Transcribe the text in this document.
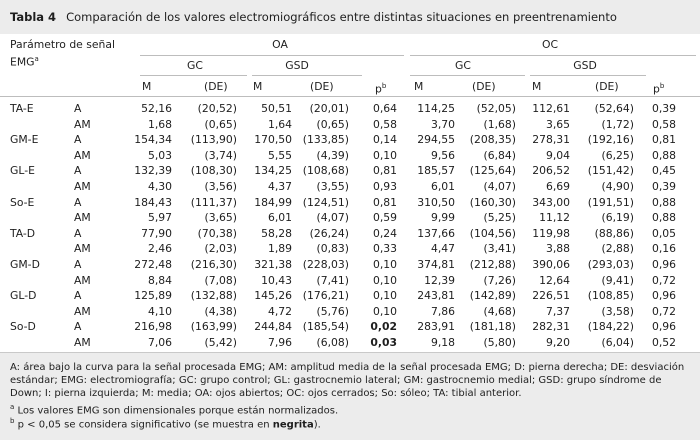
Tabla 4 Comparación de los valores electromiográficos entre distintas situaciones en preentrenamiento
Parámetro de señal
EMG$^a$
OA	OC
GC	GSD	GC	GSD
M	(DE) M	(DE)	$p^b$	M	(DE)	M	(DE)	$p^b$
TA-E	A	52,16	(20,52)	50,51	(20,01)	0,64	114,25	(52,05)	112,61	(52,64)	0,39
AM	1,68	(0,65)	1,64	(0,65)	0,58	3,70	(1,68)	3,65	(1,72)	0,58
GM-E	A	154,34	(113,90)	170,50 (133,85)	0,14	294,55	(208,35)	278,31	(192,16)	0,81
AM	5,03	(3,74)	5,55	(4,39)	0,10	9,56	(6,84)	9,04	(6,25)	0,88
GL-E	A	132,39	(108,30)	134,25 (108,68)	0,81	185,57	(125,64)	206,52	(151,42)	0,45
AM	4,30	(3,56)	4,37	(3,55)	0,93	6,01	(4,07)	6,69	(4,90)	0,39
So-E	A	184,43	(111,37)	184,99 (124,51)	0,81	310,50	(160,30)	343,00	(191,51)	0,88
AM	5,97	(3,65)	6,01	(4,07)	0,59	9,99	(5,25)	11,12	(6,19)	0,88
TA-D	A	77,90	(70,38)	58,28	(26,24)	0,24	137,66	(104,56)	119,98	(88,86)	0,05
AM	2,46	(2,03)	1,89	(0,83)	0,33	4,47	(3,41)	3,88	(2,88)	0,16
GM-D	A	272,48	(216,30)	321,38 (228,03)	0,10	374,81	(212,88)	390,06	(293,03)	0,96
AM	8,84	(7,08)	10,43	(7,41)	0,10	12,39	(7,26)	12,64	(9,41)	0,72
GL-D	A	125,89	(132,88)	145,26 (176,21)	0,10	243,81	(142,89)	226,51	(108,85)	0,96
AM	4,10	(4,38)	4,72	(5,76)	0,10	7,86	(4,68)	7,37	(3,58)	0,72
So-D	A	216,98	(163,99)	244,84 (185,54)	0,02	283,91	(181,18)	282,31	(184,22)	0,96
AM	7,06	(5,42)	7,96	(6,08)	0,03	9,18	(5,80)	9,20	(6,04)	0,52
A: área bajo la curva para la señal procesada EMG; AM: amplitud media de la señal procesada EMG; D: pierna derecha; DE: desviación
estándar; EMG: electromiografía; GC: grupo control; GL: gastrocnemio lateral; GM: gastrocnemio medial; GSD: grupo síndrome de
Down; I: pierna izquierda; M: media; OA: ojos abiertos; OC: ojos cerrados; So: sóleo; TA: tibial anterior.
$^a$ Los valores EMG son dimensionales porque están normalizados.
$^b$ p < 0,05 se considera significativo (se muestra en negrita).
